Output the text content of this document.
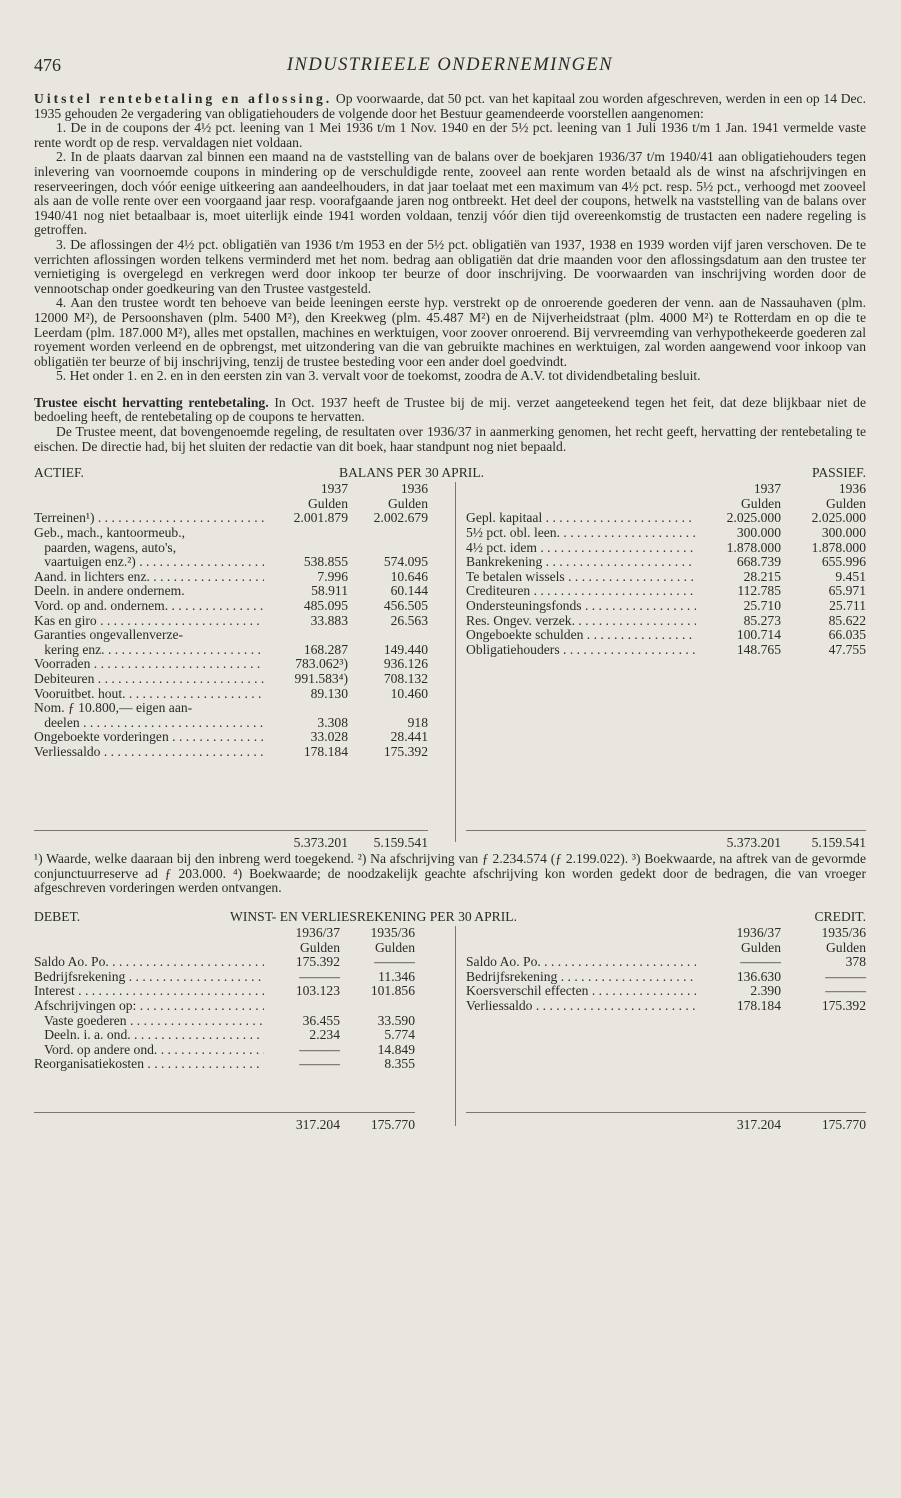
476	INDUSTRIEELE ONDERNEMINGEN

Uitstel rentebetaling en aflossing. Op voorwaarde, dat 50 pct. van het kapitaal zou worden afgeschreven, werden in een op 14 Dec. 1935 gehouden 2e vergadering van obligatiehouders de volgende door het Bestuur geamendeerde voorstellen aangenomen:

1. De in de coupons der 4½ pct. leening van 1 Mei 1936 t/m 1 Nov. 1940 en der 5½ pct. leening van 1 Juli 1936 t/m 1 Jan. 1941 vermelde vaste rente wordt op de resp. vervaldagen niet voldaan.

2. In de plaats daarvan zal binnen een maand na de vaststelling van de balans over de boekjaren 1936/37 t/m 1940/41 aan obligatiehouders tegen inlevering van voornoemde coupons in mindering op de verschuldigde rente, zooveel aan rente worden betaald als de winst na afschrijvingen en reserveeringen, doch vóór eenige uitkeering aan aandeelhouders, in dat jaar toelaat met een maximum van 4½ pct. resp. 5½ pct., verhoogd met zooveel als aan de volle rente over een voorgaand jaar resp. voorafgaande jaren nog ontbreekt. Het deel der coupons, hetwelk na vaststelling van de balans over 1940/41 nog niet betaalbaar is, moet uiterlijk einde 1941 worden voldaan, tenzij vóór dien tijd overeenkomstig de trustacten een nadere regeling is getroffen.

3. De aflossingen der 4½ pct. obligatiën van 1936 t/m 1953 en der 5½ pct. obligatiën van 1937, 1938 en 1939 worden vijf jaren verschoven. De te verrichten aflossingen worden telkens verminderd met het nom. bedrag aan obligatiën dat drie maanden voor den aflossingsdatum aan den trustee ter vernietiging is overgelegd en verkregen werd door inkoop ter beurze of door inschrijving. De voorwaarden van inschrijving worden door de vennootschap onder goedkeuring van den Trustee vastgesteld.

4. Aan den trustee wordt ten behoeve van beide leeningen eerste hyp. verstrekt op de onroerende goederen der venn. aan de Nassauhaven (plm. 12000 M²), de Persoonshaven (plm. 5400 M²), den Kreekweg (plm. 45.487 M²) en de Nijverheidstraat (plm. 4000 M²) te Rotterdam en op die te Leerdam (plm. 187.000 M²), alles met opstallen, machines en werktuigen, voor zoover onroerend. Bij vervreemding van verhypothekeerde goederen zal royement worden verleend en de opbrengst, met uitzondering van die van gebruikte machines en werktuigen, zal worden aangewend voor inkoop van obligatiën ter beurze of bij inschrijving, tenzij de trustee besteding voor een ander doel goedvindt.

5. Het onder 1. en 2. en in den eersten zin van 3. vervalt voor de toekomst, zoodra de A.V. tot dividendbetaling besluit.

Trustee eischt hervatting rentebetaling. In Oct. 1937 heeft de Trustee bij de mij. verzet aangeteekend tegen het feit, dat deze blijkbaar niet de bedoeling heeft, de rentebetaling op de coupons te hervatten.

De Trustee meent, dat bovengenoemde regeling, de resultaten over 1936/37 in aanmerking genomen, het recht geeft, hervatting der rentebetaling te eischen. De directie had, bij het sluiten der redactie van dit boek, haar standpunt nog niet bepaald.

ACTIEF.	BALANS PER 30 APRIL.	PASSIEF.
1937	1936
Gulden	Gulden
Terreinen¹) . . .	2.001.879	2.002.679
Geb., mach., kantoormeub.,
paarden, wagens, auto's,
vaartuigen enz.²) . . .	538.855	574.095
Aand. in lichters enz. . . .	7.996	10.646
Deeln. in andere ondernem.	58.911	60.144
Vord. op and. ondernem. . . .	485.095	456.505
Kas en giro . . .	33.883	26.563
Garanties ongevallenverze-
kering enz. . . .	168.287	149.440
Voorraden . . .	783.062³)	936.126
Debiteuren . . .	991.583⁴)	708.132
Vooruitbet. hout. . . .	89.130	10.460
Nom. ƒ 10.800,— eigen aan-
deelen . . .	3.308	918
Ongeboekte vorderingen . . .	33.028	28.441
Verliessaldo . . .	178.184	175.392
5.373.201	5.159.541
1937	1936
Gulden	Gulden
Gepl. kapitaal . . .	2.025.000	2.025.000
5½ pct. obl. leen. . . .	300.000	300.000
4½ pct. idem . . .	1.878.000	1.878.000
Bankrekening . . .	668.739	655.996
Te betalen wissels . . .	28.215	9.451
Crediteuren . . .	112.785	65.971
Ondersteuningsfonds . . .	25.710	25.711
Res. Ongev. verzek. . . .	85.273	85.622
Ongeboekte schulden . . .	100.714	66.035
Obligatiehouders . . .	148.765	47.755
5.373.201	5.159.541
¹) Waarde, welke daaraan bij den inbreng werd toegekend. ²) Na afschrijving van ƒ 2.234.574 (ƒ 2.199.022). ³) Boekwaarde, na aftrek van de gevormde conjunctuurreserve ad ƒ 203.000. ⁴) Boekwaarde; de noodzakelijk geachte afschrijving kon worden gedekt door de bedragen, die van vroeger afgeschreven vorderingen werden ontvangen.
DEBET.	WINST- EN VERLIESREKENING PER 30 APRIL.	CREDIT.
1936/37	1935/36
Gulden	Gulden
Saldo Ao. Po. . . .	175.392	———
Bedrijfsrekening . . .	———	11.346
Interest . . .	103.123	101.856
Afschrijvingen op: . . .
Vaste goederen . . .	36.455	33.590
Deeln. i. a. ond. . . .	2.234	5.774
Vord. op andere ond. . . .	———	14.849
Reorganisatiekosten . . .	———	8.355
317.204	175.770
1936/37	1935/36
Gulden	Gulden
Saldo Ao. Po. . . .	———	378
Bedrijfsrekening . . .	136.630	———
Koersverschil effecten . . .	2.390	———
Verliessaldo . . .	178.184	175.392
317.204	175.770
